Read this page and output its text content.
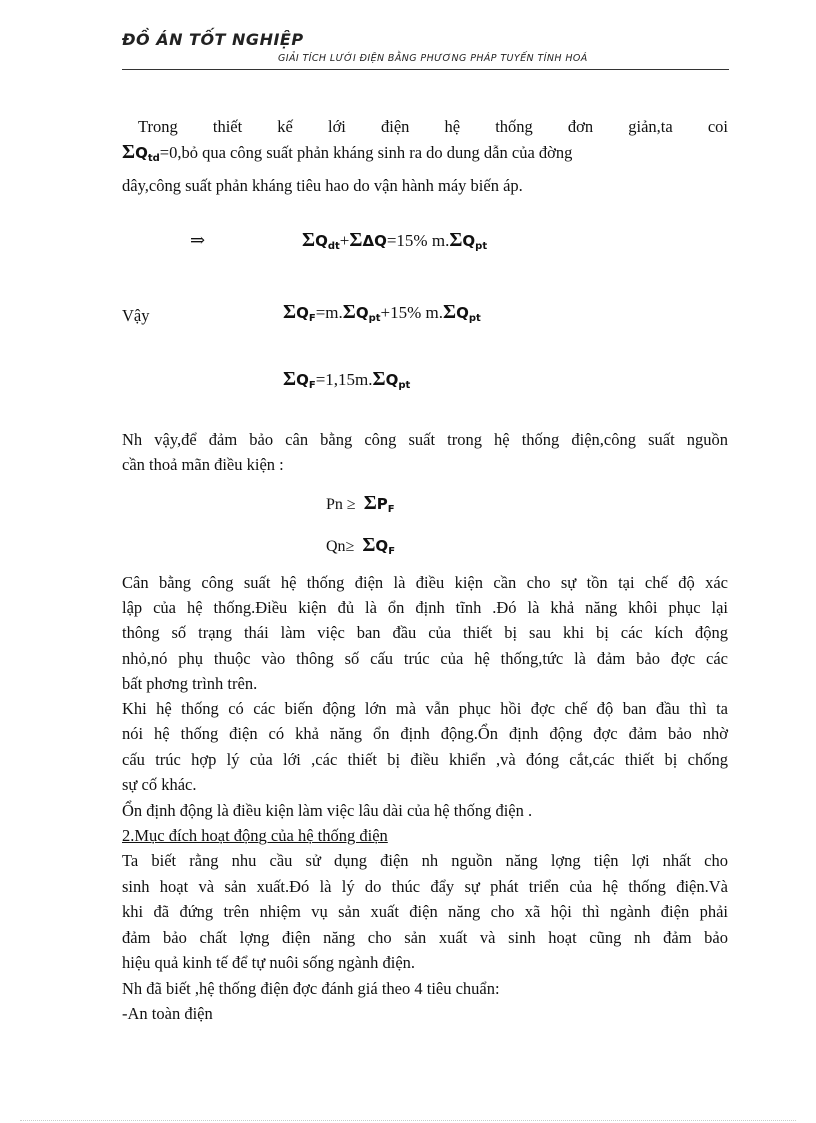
ĐỒ ÁN TỐT NGHIỆP
GIẢI TÍCH LƯỚI ĐIỆN BẰNG PHƯƠNG PHÁP TUYẾN TÍNH HOÁ
Trong thiết kế lới điện hệ thống đơn giản,ta coi
$\Sigma Q_{td}=0,bỏ$ qua công suất phản kháng sinh ra do dung dẫn của đờng
dây,công suất phản kháng tiêu hao do vận hành máy biến áp.
⇒	$\Sigma Q_{dt}+\Sigma\Delta Q=15\%$ $m.\Sigma Q_{pt}$
Vậy	$\Sigma Q_F=m.\Sigma Q_{pt}+15\%$ $m.\Sigma Q_{pt}$
$\Sigma Q_F=1,15m.\Sigma Q_{pt}$
Nh vậy,để đảm bảo cân bằng công suất trong hệ thống điện,công suất nguồn
cần thoả mãn điều kiện :
$Pn \ge \Sigma P_F$
$Qn\ge \Sigma Q_F$
Cân bằng công suất hệ thống điện là điều kiện cần cho sự tồn tại chế độ xác
lập của hệ thống.Điều kiện đủ là ổn định tĩnh .Đó là khả năng khôi phục lại
thông số trạng thái làm việc ban đầu của thiết bị sau khi bị các kích động
nhỏ,nó phụ thuộc vào thông số cấu trúc của hệ thống,tức là đảm bảo đợc các
bất phơng trình trên.
Khi hệ thống có các biến động lớn mà vẫn phục hồi đợc chế độ ban đầu thì ta
nói hệ thống điện có khả năng ổn định động.Ổn định động đợc đảm bảo nhờ
cấu trúc hợp lý của lới ,các thiết bị điều khiển ,và đóng cắt,các thiết bị chống
sự cố khác.
Ổn định động là điều kiện làm việc lâu dài của hệ thống điện .
2.Mục đích hoạt động của hệ thống điện
Ta biết rằng nhu cầu sử dụng điện nh nguồn năng lợng tiện lợi nhất cho
sinh hoạt và sản xuất.Đó là lý do thúc đẩy sự phát triển của hệ thống điện.Và
khi đã đứng trên nhiệm vụ sản xuất điện năng cho xã hội thì ngành điện phải
đảm bảo chất lợng điện năng cho sản xuất và sinh hoạt cũng nh đảm bảo
hiệu quả kinh tế để tự nuôi sống ngành điện.
Nh đã biết ,hệ thống điện đợc đánh giá theo 4 tiêu chuẩn:
-An toàn điện
